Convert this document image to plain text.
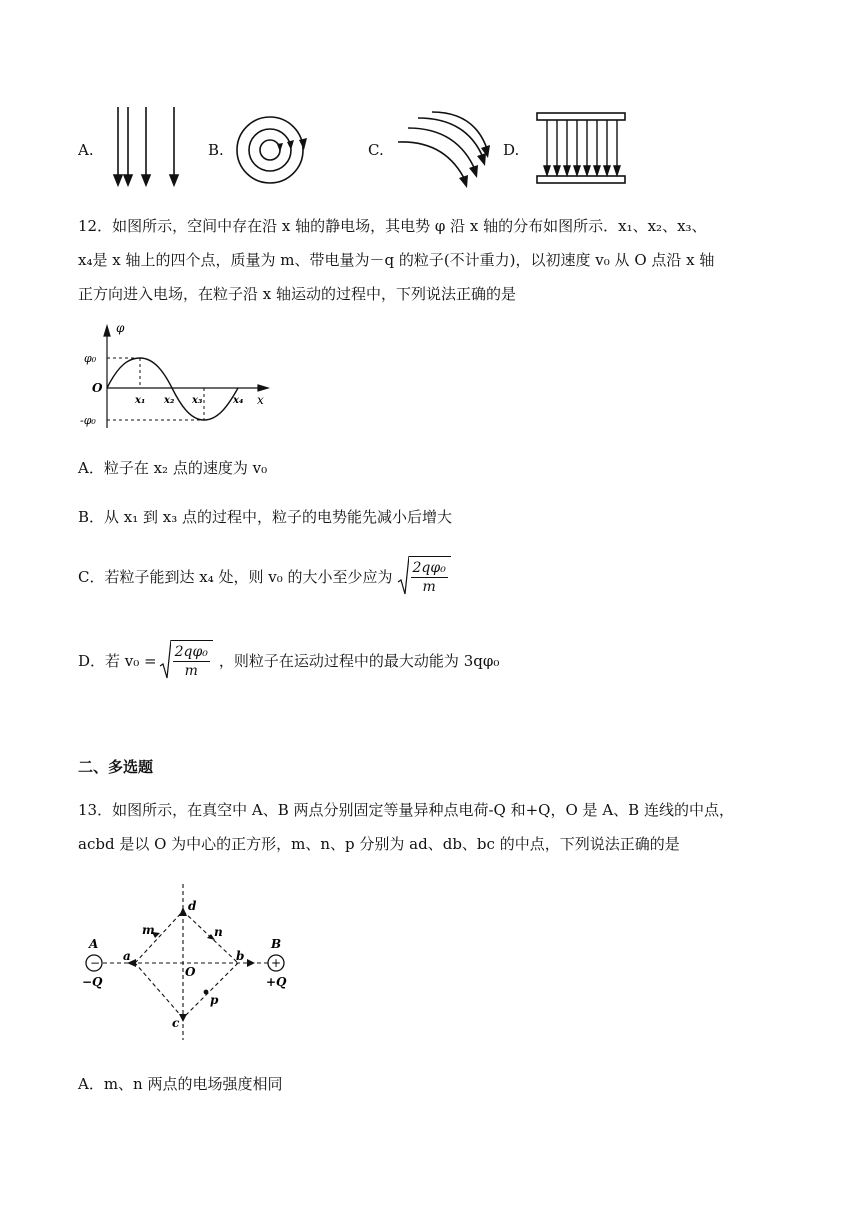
A.	B.	C.	D.
12．如图所示，空间中存在沿 x 轴的静电场，其电势 φ 沿 x 轴的分布如图所示．x₁、x₂、x₃、
x₄是 x 轴上的四个点，质量为 m、带电量为－q 的粒子(不计重力)，以初速度 v₀ 从 O 点沿 x 轴
正方向进入电场，在粒子沿 x 轴运动的过程中，下列说法正确的是
φ
φ₀
-φ₀
O
x
x₁ x₂ x₃	x₄
A．粒子在 x₂ 点的速度为 v₀
B．从 x₁ 到 x₃ 点的过程中，粒子的电势能先减小后增大
C．若粒子能到达 x₄ 处，则 v₀ 的大小至少应为 $\frac{\text{2qφ₀}}{m}$
D．若 $v_0 = \frac{\text{2qφ₀}}{m}$ ，则粒子在运动过程中的最大动能为 3qφ₀
二、多选题
13．如图所示，在真空中 A、B 两点分别固定等量异种点电荷-Q 和+Q，O 是 A、B 连线的中点，
acbd 是以 O 为中心的正方形，m、n、p 分别为 ad、db、bc 的中点，下列说法正确的是
−	+
A
−Q
B
+Q
a	b
c
d
m	n
p
O
A．m、n 两点的电场强度相同
